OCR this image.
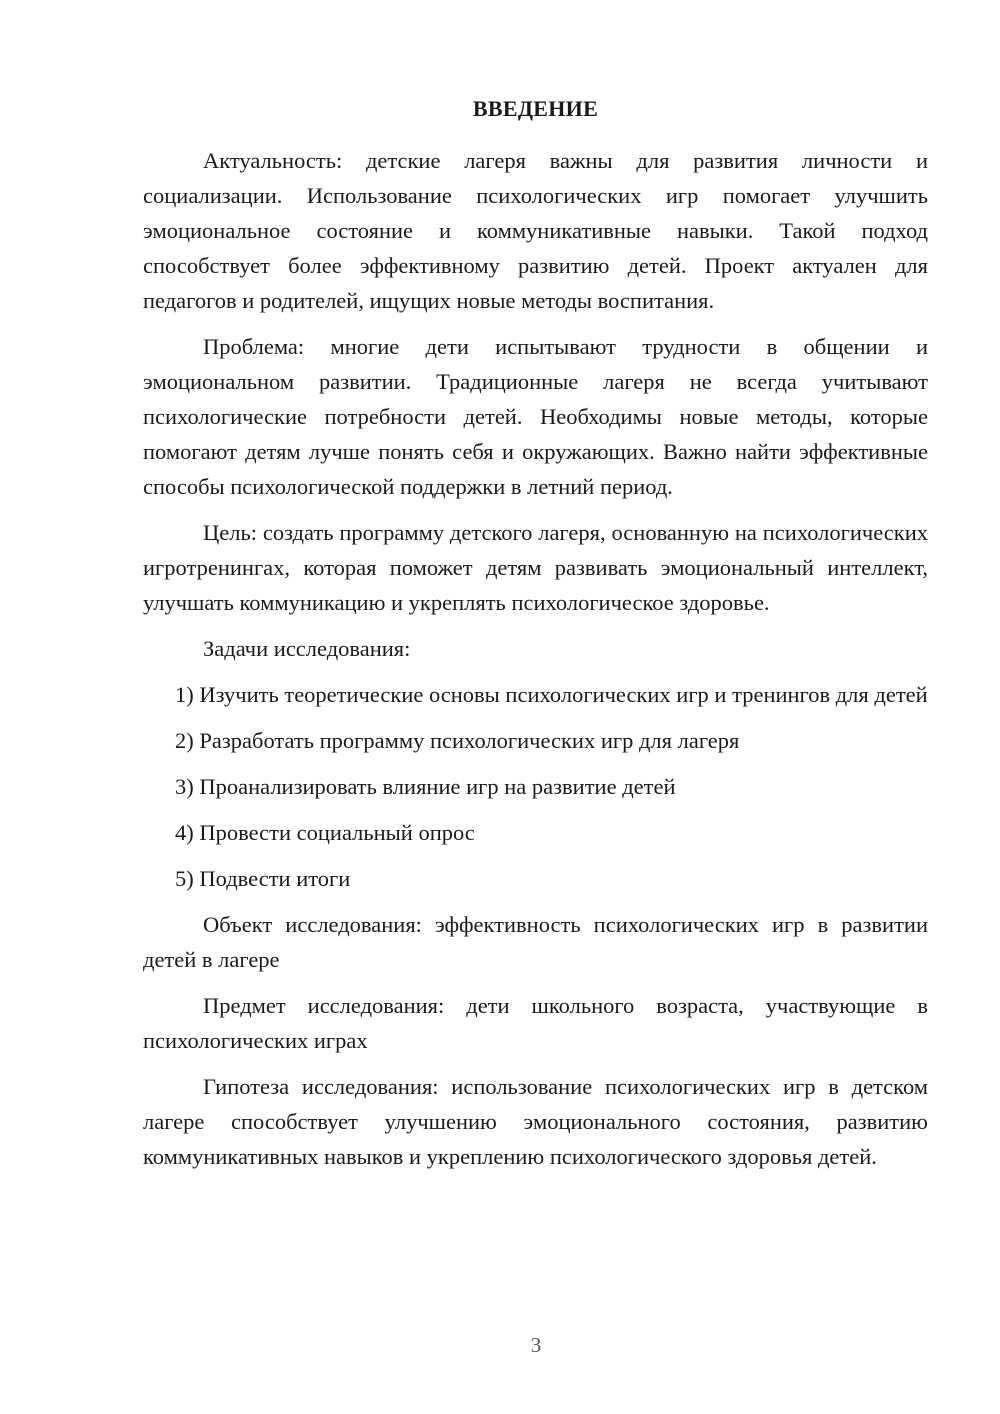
ВВЕДЕНИЕ

Актуальность: детские лагеря важны для развития личности и социализации. Использование психологических игр помогает улучшить эмоциональное состояние и коммуникативные навыки. Такой подход способствует более эффективному развитию детей. Проект актуален для педагогов и родителей, ищущих новые методы воспитания.

Проблема: многие дети испытывают трудности в общении и эмоциональном развитии. Традиционные лагеря не всегда учитывают психологические потребности детей. Необходимы новые методы, которые помогают детям лучше понять себя и окружающих. Важно найти эффективные способы психологической поддержки в летний период.

Цель: создать программу детского лагеря, основанную на психологических игротренингах, которая поможет детям развивать эмоциональный интеллект, улучшать коммуникацию и укреплять психологическое здоровье.

Задачи исследования:

1) Изучить теоретические основы психологических игр и тренингов для детей

2) Разработать программу психологических игр для лагеря

3) Проанализировать влияние игр на развитие детей

4) Провести социальный опрос

5) Подвести итоги

Объект исследования: эффективность психологических игр в развитии детей в лагере

Предмет исследования: дети школьного возраста, участвующие в психологических играх

Гипотеза исследования: использование психологических игр в детском лагере способствует улучшению эмоционального состояния, развитию коммуникативных навыков и укреплению психологического здоровья детей.

3
